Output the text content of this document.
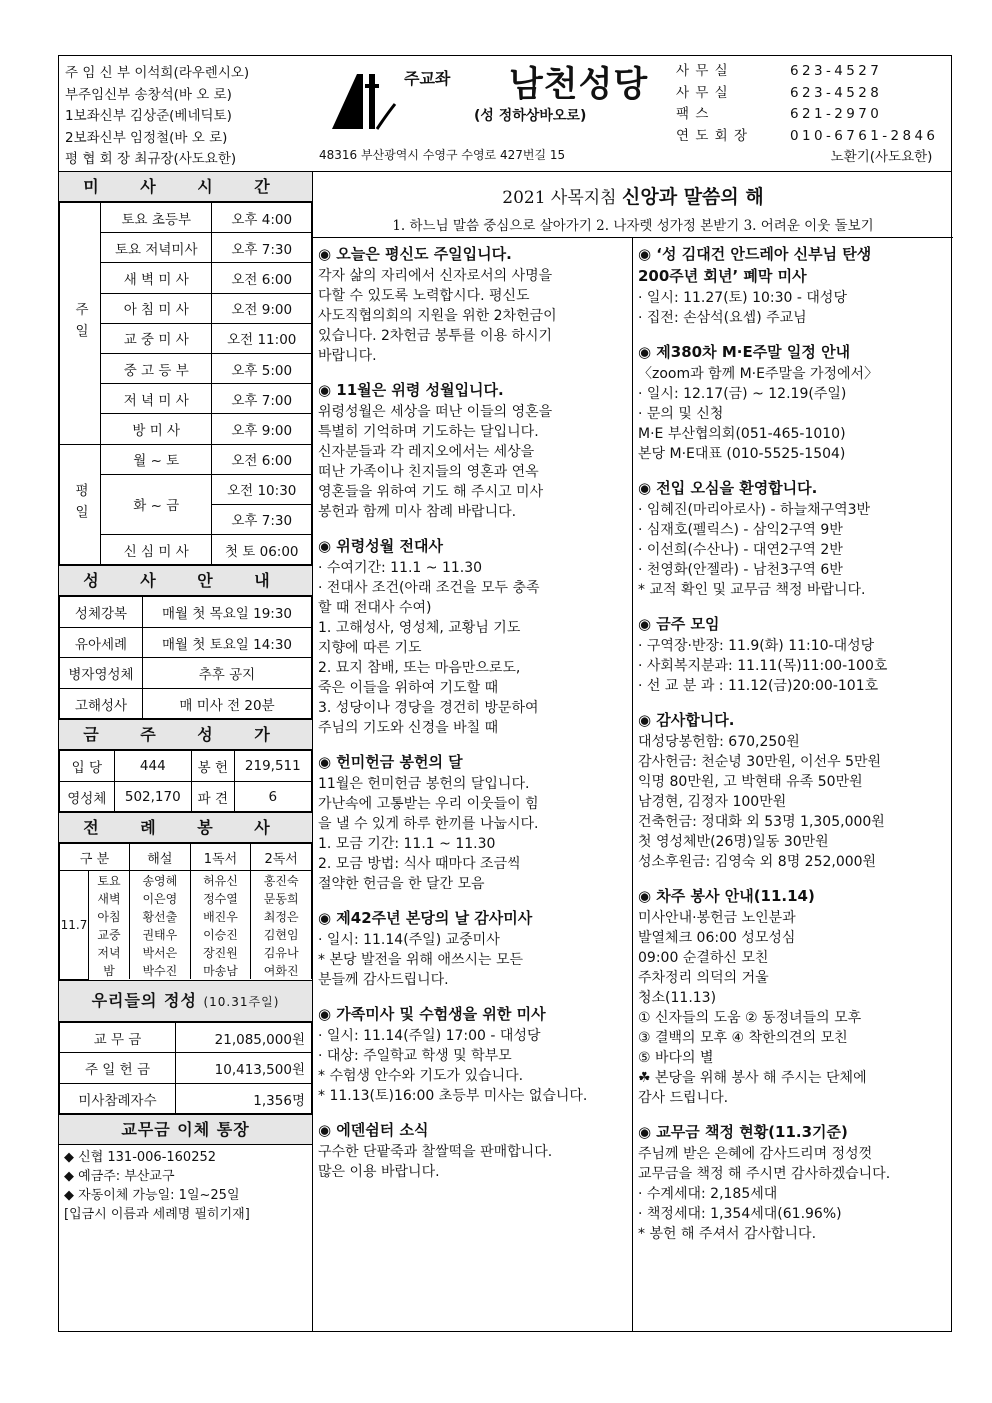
주 임 신 부 이석희(라우렌시오)
부주임신부 송창석(바 오 로)
1보좌신부 김상준(베네딕토)
2보좌신부 임정철(바 오 로)
평 협 회 장 최규장(사도요한)
주교좌 남천성당
(성 정하상바오로)
48316 부산광역시 수영구 수영로 427번길 15
사 무 실	623-4527
사 무 실	623-4528
팩 스	621-2970
연 도 회 장	010-6761-2846
노환기(사도요한)
미 사 시 간
주일	토요 초등부	오후 4:00
	토요 저녁미사	오후 7:30
	새 벽 미 사	오전 6:00
	아 침 미 사	오전 9:00
	교 중 미 사	오전 11:00
	중 고 등 부	오후 5:00
	저 녁 미 사	오후 7:00
	방 미 사	오후 9:00
평일	월 ~ 토	오전 6:00
	화 ~ 금	오전 10:30
		오후 7:30
	신 심 미 사	첫 토 06:00
성 사 안 내
성체강복	매월 첫 목요일 19:30
유아세례	매월 첫 토요일 14:30
병자영성체	추후 공지
고해성사	매 미사 전 20분
금 주 성 가
입 당	444	봉 헌	219,511
영성체	502,170	파 견	6
전 례 봉 사
구 분		해설	1독서	2독서
11.7	토요	송영혜	허유신	홍진숙
	새벽	이은영	정수열	문동희
	아침	황선출	배진우	최정은
	교중	권태우	이승진	김현임
	저녁	박서은	장진원	김유나
	밤	박수진	마송남	여화진
우리들의 정성 (10.31주일)
교 무 금	21,085,000원
주 일 헌 금	10,413,500원
미사참례자수	1,356명
교무금 이체 통장
◆ 신협 131-006-160252
◆ 예금주: 부산교구
◆ 자동이체 가능일: 1일~25일
[입금시 이름과 세례명 필히기재]
2021 사목지침 신앙과 말씀의 해
1. 하느님 말씀 중심으로 살아가기 2. 나자렛 성가정 본받기 3. 어려운 이웃 돌보기
◉ 오늘은 평신도 주일입니다.
각자 삶의 자리에서 신자로서의 사명을
다할 수 있도록 노력합시다. 평신도
사도직협의회의 지원을 위한 2차헌금이
있습니다. 2차헌금 봉투를 이용 하시기
바랍니다.
◉ 11월은 위령 성월입니다.
위령성월은 세상을 떠난 이들의 영혼을
특별히 기억하며 기도하는 달입니다.
신자분들과 각 레지오에서는 세상을
떠난 가족이나 친지들의 영혼과 연옥
영혼들을 위하여 기도 해 주시고 미사
봉헌과 함께 미사 참례 바랍니다.
◉ 위령성월 전대사
· 수여기간: 11.1 ~ 11.30
· 전대사 조건(아래 조건을 모두 충족
할 때 전대사 수여)
1. 고해성사, 영성체, 교황님 기도
지향에 따른 기도
2. 묘지 참배, 또는 마음만으로도,
죽은 이들을 위하여 기도할 때
3. 성당이나 경당을 경건히 방문하여
주님의 기도와 신경을 바칠 때
◉ 헌미헌금 봉헌의 달
11월은 헌미헌금 봉헌의 달입니다.
가난속에 고통받는 우리 이웃들이 힘
을 낼 수 있게 하루 한끼를 나눕시다.
1. 모금 기간: 11.1 ~ 11.30
2. 모금 방법: 식사 때마다 조금씩
절약한 헌금을 한 달간 모음
◉ 제42주년 본당의 날 감사미사
· 일시: 11.14(주일) 교중미사
* 본당 발전을 위해 애쓰시는 모든
분들께 감사드립니다.
◉ 가족미사 및 수험생을 위한 미사
· 일시: 11.14(주일) 17:00 - 대성당
· 대상: 주일학교 학생 및 학부모
* 수험생 안수와 기도가 있습니다.
* 11.13(토)16:00 초등부 미사는 없습니다.
◉ 에덴쉼터 소식
구수한 단팥죽과 찰쌀떡을 판매합니다.
많은 이용 바랍니다.
◉ ‘성 김대건 안드레아 신부님 탄생
200주년 회년’ 폐막 미사
· 일시: 11.27(토) 10:30 - 대성당
· 집전: 손삼석(요셉) 주교님
◉ 제380차 M·E주말 일정 안내
〈zoom과 함께 M·E주말을 가정에서〉
· 일시: 12.17(금) ~ 12.19(주일)
· 문의 및 신청
M·E 부산협의회(051-465-1010)
본당 M·E대표 (010-5525-1504)
◉ 전입 오심을 환영합니다.
· 임혜진(마리아로사) - 하늘채구역3반
· 심재호(펠릭스) - 삼익2구역 9반
· 이선희(수산나) - 대연2구역 2반
· 천영화(안젤라) - 남천3구역 6반
* 교적 확인 및 교무금 책정 바랍니다.
◉ 금주 모임
· 구역장·반장: 11.9(화) 11:10-대성당
· 사회복지분과: 11.11(목)11:00-100호
· 선 교 분 과 : 11.12(금)20:00-101호
◉ 감사합니다.
대성당봉헌함: 670,250원
감사헌금: 천순녕 30만원, 이선우 5만원
익명 80만원, 고 박현태 유족 50만원
남경현, 김정자 100만원
건축헌금: 정대화 외 53명 1,305,000원
첫 영성체반(26명)일동 30만원
성소후원금: 김영숙 외 8명 252,000원
◉ 차주 봉사 안내(11.14)
미사안내·봉헌금 노인분과
발열체크 06:00 성모성심
09:00 순결하신 모친
주차정리 의덕의 거울
청소(11.13)
① 신자들의 도움 ② 동정녀들의 모후
③ 결백의 모후 ④ 착한의견의 모친
⑤ 바다의 별
☘ 본당을 위해 봉사 해 주시는 단체에
감사 드립니다.
◉ 교무금 책정 현황(11.3기준)
주님께 받은 은혜에 감사드리며 정성껏
교무금을 책정 해 주시면 감사하겠습니다.
· 수계세대: 2,185세대
· 책정세대: 1,354세대(61.96%)
* 봉헌 해 주셔서 감사합니다.
